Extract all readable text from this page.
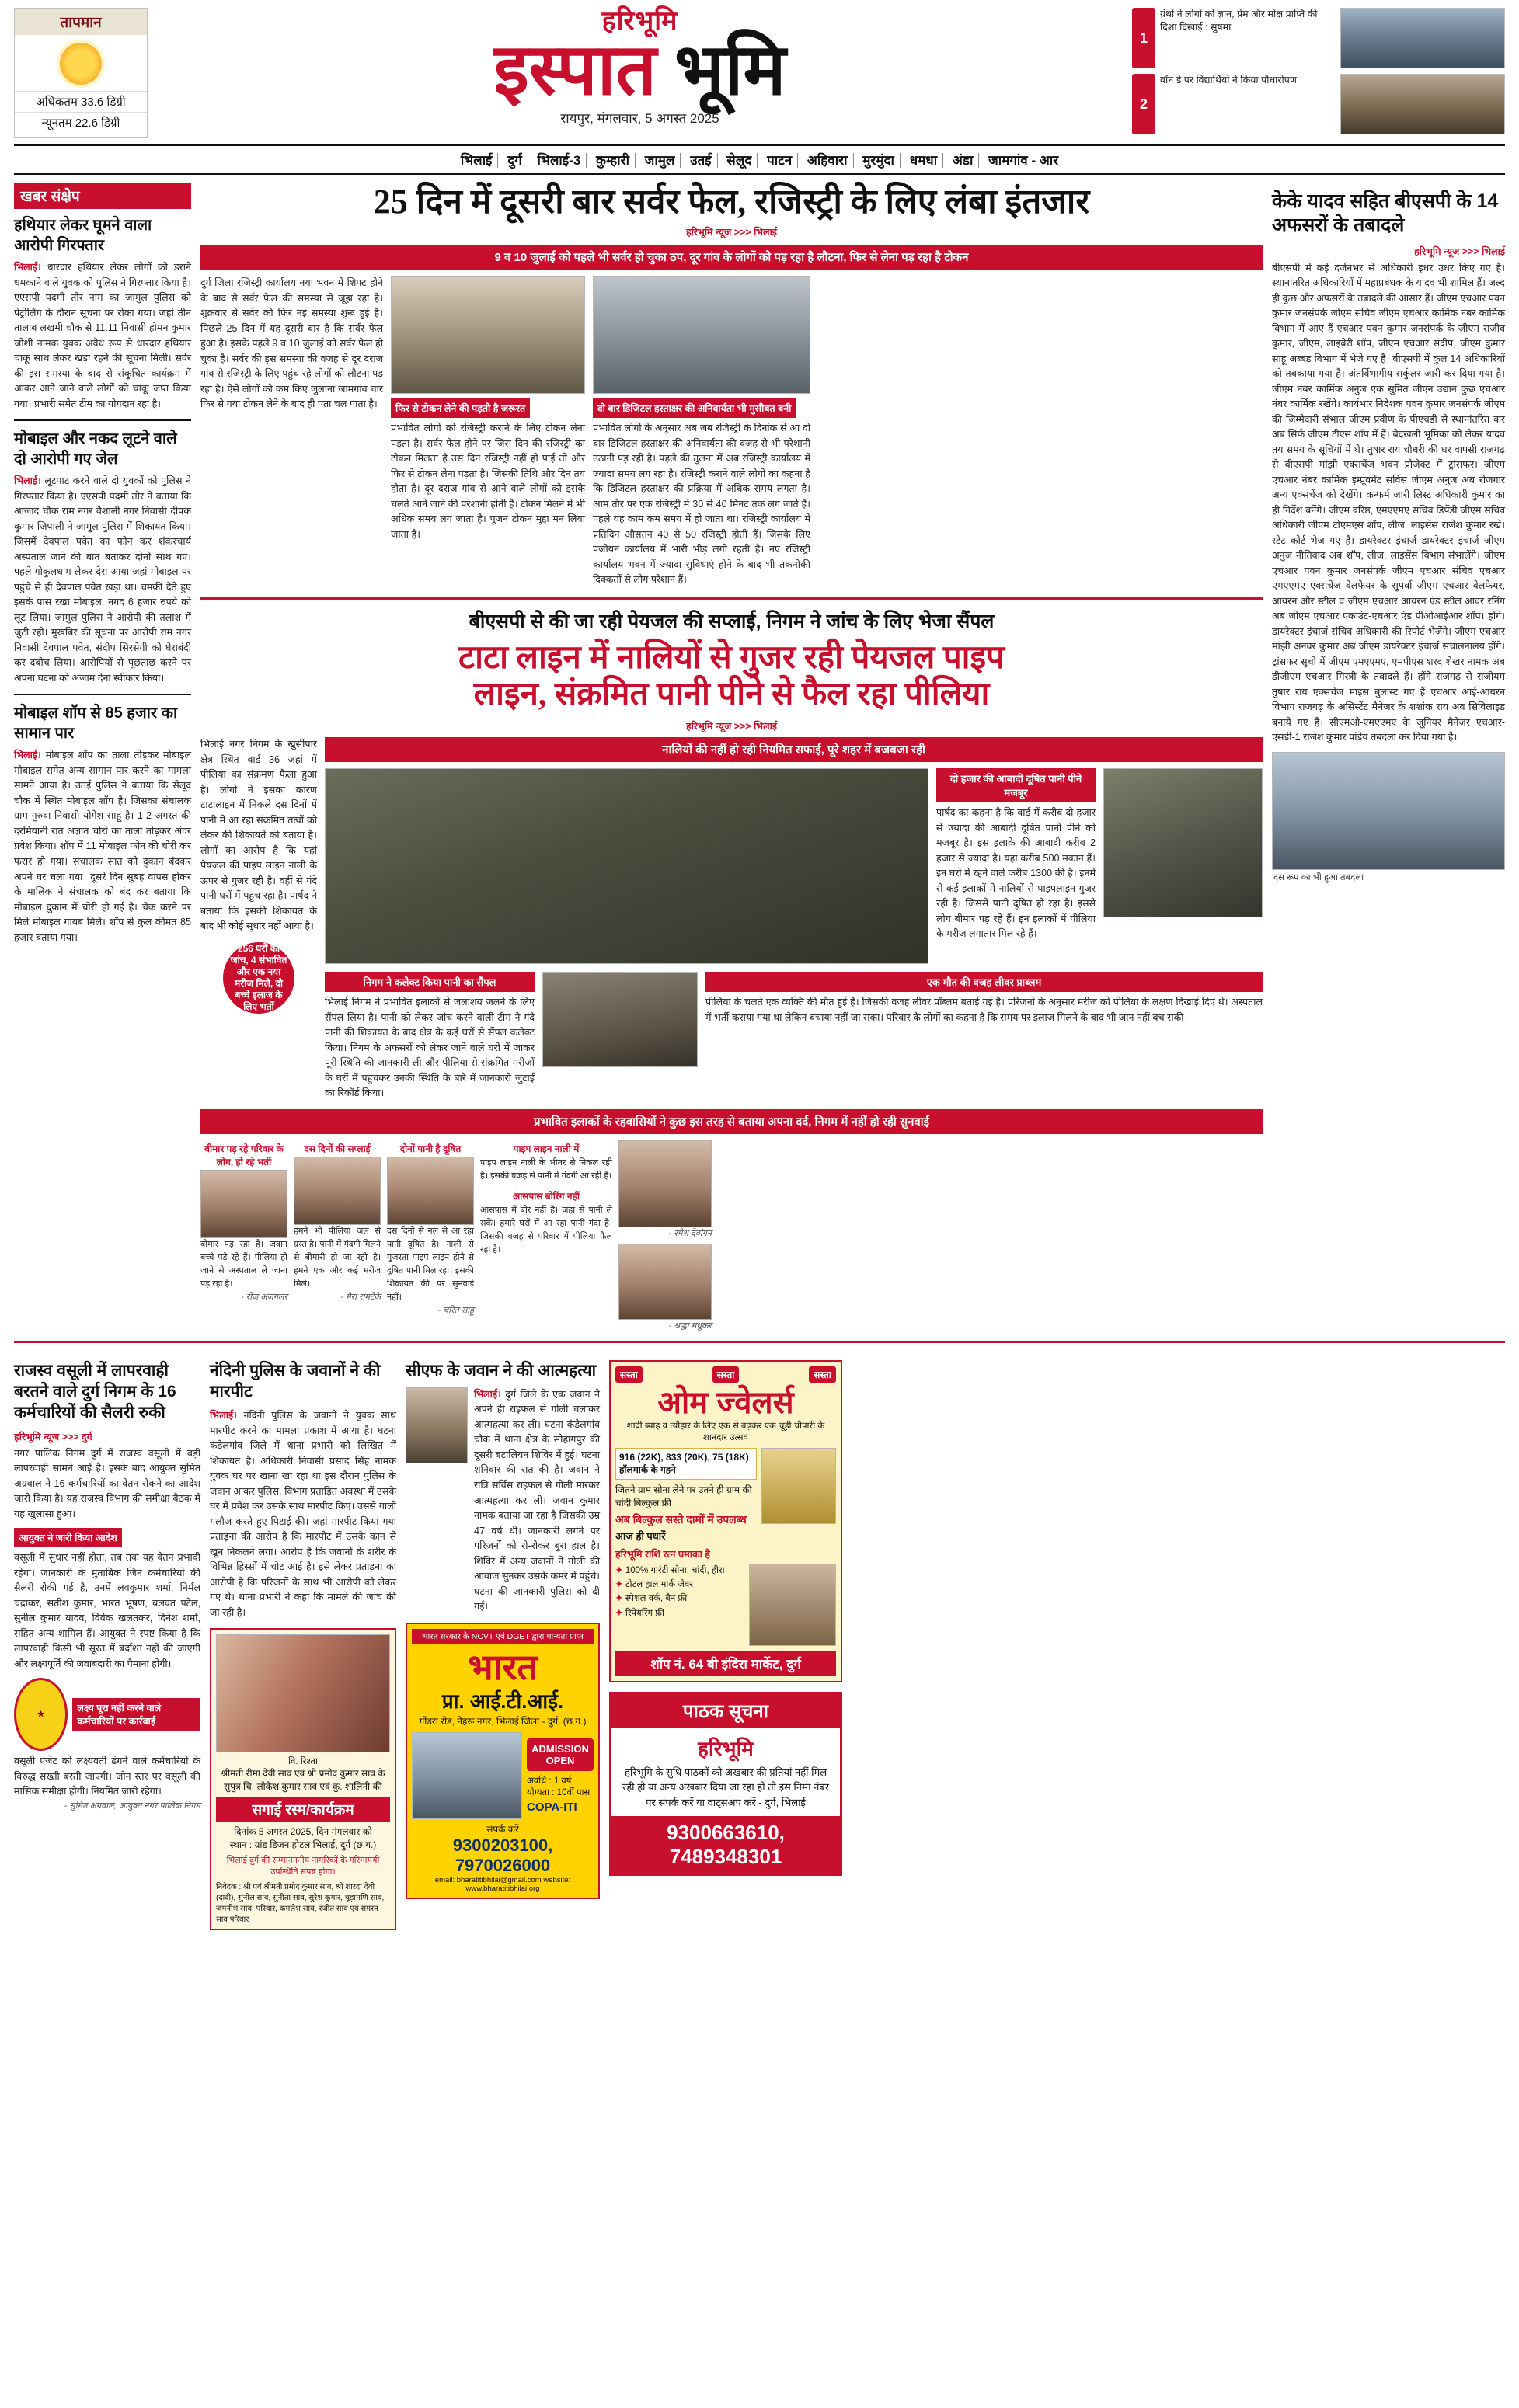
तापमान
अधिकतम 33.6 डिग्री
न्यूनतम 22.6 डिग्री
हरिभूमि
इस्पात भूमि
रायपुर, मंगलवार, 5 अगस्त 2025
1
ग्रंथों ने लोगों को ज्ञान, प्रेम और मोक्ष प्राप्ति की दिशा दिखाई : सुषमा
2
वॉन डे पर विद्यार्थियों ने किया पौधारोपण
भिलाई दुर्ग भिलाई-3 कुम्हारी जामुल उतई सेलूद पाटन अहिवारा मुरमुंदा धमधा अंडा जामगांव - आर
खबर संक्षेप
हथियार लेकर घूमने वाला आरोपी गिरफ्तार
भिलाई। धारदार हथियार लेकर लोगों को डराने धमकाने वाले युवक को पुलिस ने गिरफ्तार किया है। एएसपी पदमी तोर नाम का जामुल पुलिस को पेट्रोलिंग के दौरान सूचना पर रोका गया। जहां तीन तालाब लखमी चौक से 11.11 निवासी होमन कुमार जोशी नामक युवक अवैध रूप से धारदार हथियार चाकू साथ लेकर खड़ा रहने की सूचना मिली। सर्वर की इस समस्या के बाद से संकुचित कार्यक्रम में आकर आने जाने वाले लोगों को चाकू जप्त किया गया। प्रभारी समेत टीम का योगदान रहा है।
मोबाइल और नकद लूटने वाले दो आरोपी गए जेल
भिलाई। लूटपाट करने वाले दो युवकों को पुलिस ने गिरफ्तार किया है। एएसपी पदमी तोर ने बताया कि आजाद चौक राम नगर वैशाली नगर निवासी दीपक कुमार जिपाली ने जामुल पुलिस में शिकायत किया। जिसमें देवपाल पवेत का फोन कर शंकरचार्य अस्पताल जाने की बात बताकर दोनों साथ गए। पहले गोकुलधाम लेकर देरा आया जहां मोबाइल पर पहुंचे से ही देवपाल पवेत खड़ा था। चमकी देते हुए इसके पास रखा मोबाइल, नगद 6 हजार रुपये को लूट लिया। जामुल पुलिस ने आरोपी की तलाश में जुटी रही। मुखबिर की सूचना पर आरोपी राम नगर निवासी देवपाल पवेत, संदीप सिरसेगी को घेराबंदी कर दबोच लिया। आरोपियों से पूछताछ करने पर अपना घटना को अंजाम देना स्वीकार किया।
मोबाइल शॉप से 85 हजार का सामान पार
भिलाई। मोबाइल शॉप का ताला तोड़कर मोबाइल मोबाइल समेत अन्य सामान पार करने का मामला सामने आया है। उतई पुलिस ने बताया कि सेलूद चौक में स्थित मोबाइल शॉप है। जिसका संचालक ग्राम गुरुवा निवासी योगेश साहू है। 1-2 अगस्त की दरमियानी रात अज्ञात चोरों का ताला तोड़कर अंदर प्रवेश किया। शॉप में 11 मोबाइल फोन की चोरी कर फरार हो गया। संचालक सात को दुकान बंदकर अपने घर चला गया। दूसरे दिन सुबह वापस होकर के मालिक ने संचालक को बंद कर बताया कि मोबाइल दुकान में चोरी हो गई है। चेक करने पर मिले मोबाइल गायब मिले। शॉप से कुल कीमत 85 हजार बताया गया।
25 दिन में दूसरी बार सर्वर फेल, रजिस्ट्री के लिए लंबा इंतजार
हरिभूमि न्यूज >>> भिलाई
9 व 10 जुलाई को पहले भी सर्वर हो चुका ठप, दूर गांव के लोगों को पड़ रहा है लौटना, फिर से लेना पड़ रहा है टोकन
दुर्ग जिला रजिस्ट्री कार्यालय नया भवन में शिफ्ट होने के बाद से सर्वर फेल की समस्या से जूझ रहा है। शुक्रवार से सर्वर की फिर नई समस्या शुरू हुई है। पिछले 25 दिन में यह दूसरी बार है कि सर्वर फेल हुआ है। इसके पहले 9 व 10 जुलाई को सर्वर फेल हो चुका है। सर्वर की इस समस्या की वजह से दूर दराज गांव से रजिस्ट्री के लिए पहुंच रहे लोगों को लौटना पड़ रहा है। ऐसे लोगों को कम किए जुलाना जामगांव चार फिर से गया टोकन लेने के बाद ही पता चल पाता है।	फिर से टोकन लेने की पड़ती है जरूरत
प्रभावित लोगों को रजिस्ट्री कराने के लिए टोकन लेना पड़ता है। सर्वर फेल होने पर जिस दिन की रजिस्ट्री का टोकन मिलता है उस दिन रजिस्ट्री नहीं हो पाई तो और फिर से टोकन लेना पड़ता है। जिसकी तिथि और दिन तय होता है। दूर दराज गांव से आने वाले लोगों को इसके चलते आने जाने की परेशानी होती है। टोकन मिलने में भी अधिक समय लग जाता है। पूजन टोकन मुद्दा मन लिया जाता है।
दो बार डिजिटल हस्ताक्षर की अनिवार्यता भी मुसीबत बनी
प्रभावित लोगों के अनुसार अब जब रजिस्ट्री के दिनांक से आ दो बार डिजिटल हस्ताक्षर की अनिवार्यता की वजह से भी परेशानी उठानी पड़ रही है। पहले की तुलना में अब रजिस्ट्री कार्यालय में ज्यादा समय लग रहा है। रजिस्ट्री कराने वाले लोगों का कहना है कि डिजिटल हस्ताक्षर की प्रक्रिया में अधिक समय लगता है। आम तौर पर एक रजिस्ट्री में 30 से 40 मिनट तक लग जाते हैं। पहले यह काम कम समय में हो जाता था। रजिस्ट्री कार्यालय में प्रतिदिन औसतन 40 से 50 रजिस्ट्री होती हैं। जिसके लिए पंजीयन कार्यालय में भारी भीड़ लगी रहती है। नए रजिस्ट्री कार्यालय भवन में ज्यादा सुविधाएं होने के बाद भी तकनीकी दिक्कतों से लोग परेशान हैं।
बीएसपी से की जा रही पेयजल की सप्लाई, निगम ने जांच के लिए भेजा सैंपल
टाटा लाइन में नालियों से गुजर रही पेयजल पाइप
लाइन, संक्रमित पानी पीने से फैल रहा पीलिया
हरिभूमि न्यूज >>> भिलाई
भिलाई नगर निगम के खुर्सीपार क्षेत्र स्थित वार्ड 36 जहां में पीलिया का संक्रमण फैला हुआ है। लोगों ने इसका कारण टाटालाइन में निकले दस दिनों में पानी में आ रहा संक्रमित तत्वों को लेकर की शिकायतें की बताया है। लोगों का आरोप है कि यहां पेयजल की पाइप लाइन नाली के ऊपर से गुजर रही है। वहीं से गंदे पानी घरों में पहुंच रहा है। पार्षद ने बताया कि इसकी शिकायत के बाद भी कोई सुधार नहीं आया है।
256 घरों की जांच, 4 संभावित और एक नया मरीज मिले, दो बच्चे इलाज के लिए भर्ती
नालियों की नहीं हो रही नियमित सफाई, पूरे शहर में बजबजा रही
दो हजार की आबादी दूषित पानी पीने मजबूर
पार्षद का कहना है कि वार्ड में करीब दो हजार से ज्यादा की आबादी दूषित पानी पीने को मजबूर है। इस इलाके की आबादी करीब 2 हजार से ज्यादा है। यहां करीब 500 मकान हैं। इन घरों में रहने वाले करीब 1300 की है। इनमें से कई इलाकों में नालियों से पाइपलाइन गुजर रही है। जिससे पानी दूषित हो रहा है। इससे लोग बीमार पड़ रहे हैं। इन इलाकों में पीलिया के मरीज लगातार मिल रहे हैं।
निगम ने कलेक्ट किया पानी का सैंपल
भिलाई निगम ने प्रभावित इलाकों से जलाशय जलने के लिए सैंपल लिया है। पानी को लेकर जांच करने वाली टीम ने गंदे पानी की शिकायत के बाद क्षेत्र के कई घरों से सैंपल कलेक्ट किया। निगम के अफसरों को लेकर जाने वाले घरों में जाकर पूरी स्थिति की जानकारी ली और पीलिया से संक्रमित मरीजों के घरों में पहुंचकर उनकी स्थिति के बारे में जानकारी जुटाई का रिकॉर्ड किया।
एक मौत की वजह लीवर प्राब्लम
पीलिया के चलते एक व्यक्ति की मौत हुई है। जिसकी वजह लीवर प्रॉब्लम बताई गई है। परिजनों के अनुसार मरीज को पीलिया के लक्षण दिखाई दिए थे। अस्पताल में भर्ती कराया गया था लेकिन बचाया नहीं जा सका। परिवार के लोगों का कहना है कि समय पर इलाज मिलने के बाद भी जान नहीं बच सकी।
प्रभावित इलाकों के रहवासियों ने कुछ इस तरह से बताया अपना दर्द, निगम में नहीं हो रही सुनवाई
बीमार पड़ रहे परिवार के लोग, हो रहे भर्ती
बीमार पड़ रहा है। जवान बच्चे पड़े रहे हैं। पीलिया हो जाने से अस्पताल ले जाना पड़ रहा है।
- रोज अजगलर
दस दिनों की सप्लाई
हमने भी पीलिया जल से ग्रस्त है। पानी में गंदगी मिलने से बीमारी हो जा रही है। हमने एक और कई मरीज मिले।
- मैरा रामटेके
दोनों पानी है दूषित
दस दिनों से नल से आ रहा पानी दूषित है। नाली से गुजरता पाइप लाइन होने से दूषित पानी मिल रहा। इसकी शिकायत की पर सुनवाई नहीं।
- चरित साहू
पाइप लाइन नाली में
पाइप लाइन नाली के भीतर से निकल रही है। इसकी वजह से पानी में गंदगी आ रही है।
आसपास बोरिंग नहीं
आसपास में बोर नहीं है। जहां से पानी ले सकें। हमारे घरों में आ रहा पानी गंदा है। जिसकी वजह से परिवार में पीलिया फैल रहा है।
- रमेश देवांगन
- श्रद्धा मधुकर
केके यादव सहित बीएसपी के 14 अफसरों के तबादले
हरिभूमि न्यूज >>> भिलाई
बीएसपी में कई दर्जनभर से अधिकारी इधर उधर किए गए हैं। स्थानांतरित अधिकारियों में महाप्रबंधक के यादव भी शामिल हैं। जल्द ही कुछ और अफसरों के तबादले की आसार हैं। जीएम एचआर पवन कुमार जनसंपर्क जीएम संचिव जीएम एचआर कार्मिक नंबर कार्मिक विभाग में आए हैं एचआर पवन कुमार जनसंपर्क के जीएम राजीव कुमार, जीएम, लाइब्रेरी शॉप, जीएम एचआर संदीप, जीएम कुमार साहू अब्बड विभाग में भेजे गए हैं। बीएसपी में कुल 14 अधिकारियों को तबकाया गया है। अंतर्विभागीय सर्कुलर जारी कर दिया गया है। जीएम नंबर कार्मिक अनुज एक सुमित जीएन उद्यान कुछ एचआर नंबर कार्मिक रखेंगे। कार्यभार निदेशक पवन कुमार जनसंपर्क जीएम की जिम्मेदारी संभाल जीएम प्रवीण के पीएचडी से स्थानांतरित कर अब सिर्फ जीएम टीएस शॉप में हैं। बेदखली भूमिका को लेकर यादव तय समय के सूचियों में थे। तुषार राय चौधरी की धर वापसी राजगढ़ से बीएसपी मांझी एक्सचेंज भवन प्रोजेक्ट में ट्रांसफर। जीएम एचआर नंबर कार्मिक इम्प्रूवमेंट सर्विस जीएम अनुज अब रोजगार अन्य एक्सचेंज को देखेंगे। कन्फर्म जारी लिस्ट अधिकारी कुमार का ही निर्देश बनेंगे। जीएम वरिष्ठ, एमएएमए संचिव डिपेंडी जीएम संचिव अधिकारी जीएम टीएमएस शॉप, लीज, लाइसेंस राजेश कुमार रखें। स्टेट कोर्ट भेज गए हैं। डायरेक्टर इंचार्ज डायरेक्टर इंचार्ज जीएम अनुज नीतिवाद अब शॉप, लीज, लाइसेंस विभाग संभालेंगे। जीएम एचआर पवन कुमार जनसंपर्क जीएम एचआर संचिव एचआर एमएएमए एक्सचेंज वेलफेयर के सुपर्वा जीएम एचआर वेलफेयर, आयरन और स्टील व जीएम एचआर आयरन एंड स्टील आवर रनिंग अब जीएम एचआर एकाउंट-एचआर एंड पीओआईआर शॉप। होंगे। डायरेक्टर इंचार्ज संचिव अधिकारी की रिपोर्ट भेजेंगे। जीएम एचआर मांझी अनवर कुमार अब जीएम डायरेक्टर इंचार्ज संचालनालय होंगे। ट्रांसफर सूची में जीएम एमएएमए, एमपीएस शरद शेखर नामक अब डीजीएम एचआर मिस्त्री के तबादले हैं। होंगे राजगढ़ से राजीयम तुषार राय एक्सचेंज माइस बुलास्ट गए हैं एचआर आई-आयरन विभाग राजगढ़ के असिस्टेंट मैनेजर के शशांक राय अब सिविलाइड बनाये गए हैं। सीएमओ-एमएएमए के जूनियर मैनेजर एचआर-एसडी-1 राजेश कुमार पांडेय तबदला कर दिया गया है।
दस रूप का भी हुआ तबदला
राजस्व वसूली में लापरवाही बरतने वाले दुर्ग निगम के 16 कर्मचारियों की सैलरी रुकी
हरिभूमि न्यूज >>> दुर्ग
नगर पालिक निगम दुर्ग में राजस्व वसूली में बड़ी लापरवाही सामने आई है। इसके बाद आयुक्त सुमित अग्रवाल ने 16 कर्मचारियों का वेतन रोकने का आदेश जारी किया है। यह राजस्व विभाग की समीक्षा बैठक में यह खुलासा हुआ।
आयुक्त ने जारी किया आदेश
वसूली में सुधार नहीं होता, तब तक यह वेतन प्रभावी रहेगा। जानकारी के मुताबिक जिन कर्मचारियों की सैलरी रोकी गई है, उनमें लवकुमार शर्मा, निर्मल चंद्राकर, सतीश कुमार, भारत भूषण, बलवंत पटेल, सुनील कुमार यादव, विवेक खलतकर, दिनेश शर्मा, सहित अन्य शामिल हैं। आयुक्त ने स्पष्ट किया है कि लापरवाही किसी भी सूरत में बर्दाश्त नहीं की जाएगी और लक्ष्यपूर्ति की जवाबदारी का पैमाना होगी।
★
लक्ष्य पूरा नहीं करने वाले कर्मचारियों पर कार्रवाई
वसूली एजेंट को लक्ष्यवर्ती ढंगने वाले कर्मचारियों के विरुद्ध सख्ती बरती जाएगी। जोन स्तर पर वसूली की मासिक समीक्षा होगी। नियमित जारी रहेगा।
- सुमित अग्रवाल, आयुक्त नगर पालिक निगम
नंदिनी पुलिस के जवानों ने की मारपीट
भिलाई। नंदिनी पुलिस के जवानों ने युवक साथ मारपीट करने का मामला प्रकाश में आया है। घटना कंडेलगांव जिले में थाना प्रभारी को लिखित में शिकायत है। अधिकारी निवासी प्रसाद सिंह नामक युवक घर पर खाना खा रहा था इस दौरान पुलिस के जवान आकर पुलिस, विभाग प्रताड़ित अवस्था में उसके घर में प्रवेश कर उसके साथ मारपीट किए। उससे गाली गलौज करते हुए पिटाई की। जहां मारपीट किया गया प्रताड़ना की आरोप है कि मारपीट में उसके कान से खून निकलने लगा। आरोप है कि जवानों के शरीर के विभिन्न हिस्सों में चोट आई है। इसे लेकर प्रताड़ना का आरोपी है कि परिजनों के साथ भी आरोपी को लेकर गए थे। थाना प्रभारी ने कहा कि मामले की जांच की जा रही है।
वि. रिश्ता
श्रीमती रीमा देवी साव एवं श्री प्रमोद कुमार साव के सुपुत्र चि. लोकेश कुमार साव एवं कु. शालिनी की
सगाई रस्म/कार्यक्रम
दिनांक 5 अगस्त 2025, दिन मंगलवार को
स्थान : ग्रांड डिजन होटल भिलाई, दुर्ग (छ.ग.)
भिलाई दुर्ग की सम्मानननीय नागरिकों के गरिमामयी उपस्थिति संपन्न होगा।
निवेदक : श्री एवं श्रीमती प्रमोद कुमार साव, श्री शारदा देवी (दादी), सुनील साव, सुनीता साव, सुरेश कुमार, चूड़ामणि साव, जमनीश साव, परिवार, कमलेश साव, रंजीत साव एवं समस्त साव परिवार
सीएफ के जवान ने की आत्महत्या
भिलाई। दुर्ग जिले के एक जवान ने अपने ही राइफल से गोली चलाकर आत्महत्या कर ली। घटना कंडेलगांव चौक में थाना क्षेत्र के सोहागपुर की दूसरी बटालियन शिविर में हुई। घटना शनिवार की रात की है। जवान ने रात्रि सर्विस राइफल से गोली मारकर आत्महत्या कर ली। जवान कुमार नामक बताया जा रहा है जिसकी उम्र 47 वर्ष थी। जानकारी लगने पर परिजनों को रो-रोकर बुरा हाल है। शिविर में अन्य जवानों ने गोली की आवाज सुनकर उसके कमरे में पहुंचे। घटना की जानकारी पुलिस को दी गई।
भारत सरकार के NCVT एवं DGET द्वारा मान्यता प्राप्त
भारत
प्रा. आई.टी.आई.
गोंडरा रोड, नेहरू नगर, भिलाई जिला - दुर्ग, (छ.ग.)
ADMISSION OPEN
अवधि : 1 वर्ष
योग्यता : 10वीं पास
COPA-ITI
संपर्क करें
9300203100, 7970026000
email: bharatitibhilai@gmail.com website: www.bharatitibhilai.org
सस्ता	सस्ता	सस्ता
ओम ज्वेलर्स
शादी ब्याह व त्यौहार के लिए एक से बढ़कर एक चूड़ी चौपारी के शानदार उत्सव
916 (22K), 833 (20K), 75 (18K) हॉलमार्क के गहने
जितने ग्राम सोना लेने पर उतने ही ग्राम की चांदी बिल्कुल फ्री
अब बिल्कुल सस्ते दामों में उपलब्ध
आज ही पधारें
हरिभूमि राशि रत्न घमाका है
✦ 100% गारंटी सोना, चांदी, हीरा
✦ टोटल हाल मार्क जेवर
✦ स्पेशल वर्क, बैन फ्री
✦ रिपेयरिंग फ्री
शॉप नं. 64 बी इंदिरा मार्केट, दुर्ग
पाठक सूचना
हरिभूमि
हरिभूमि के सुधि पाठकों को अखबार की प्रतियां नहीं मिल रही हो या अन्य अखबार दिया जा रहा हो तो इस निम्न नंबर पर संपर्क करें या वाट्सअप करें - दुर्ग, भिलाई
9300663610, 7489348301
